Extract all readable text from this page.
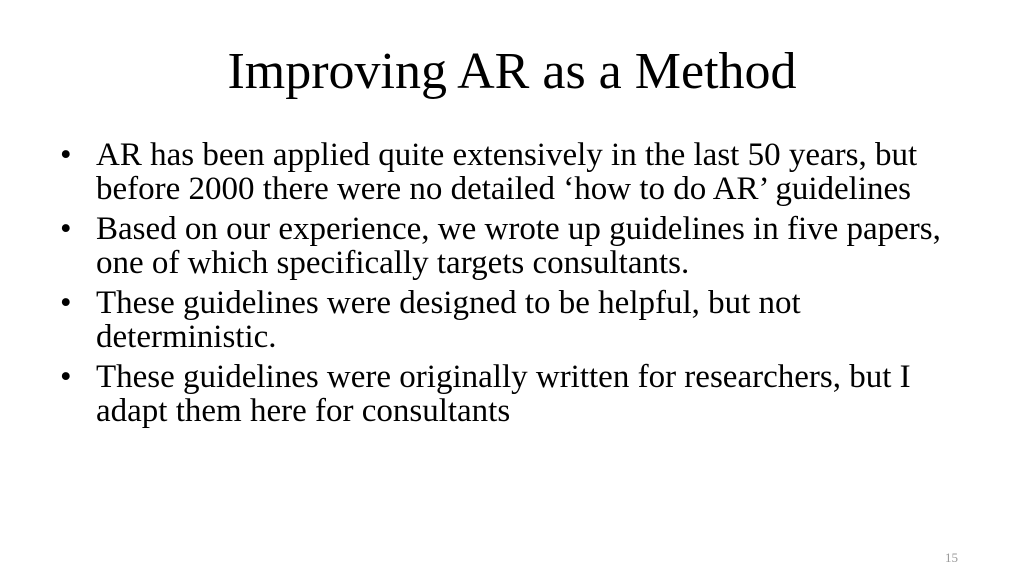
Improving AR as a Method
• AR has been applied quite extensively in the last 50 years, but before 2000 there were no detailed ‘how to do AR’ guidelines
• Based on our experience, we wrote up guidelines in five papers, one of which specifically targets consultants.
• These guidelines were designed to be helpful, but not deterministic.
• These guidelines were originally written for researchers, but I adapt them here for consultants
15
